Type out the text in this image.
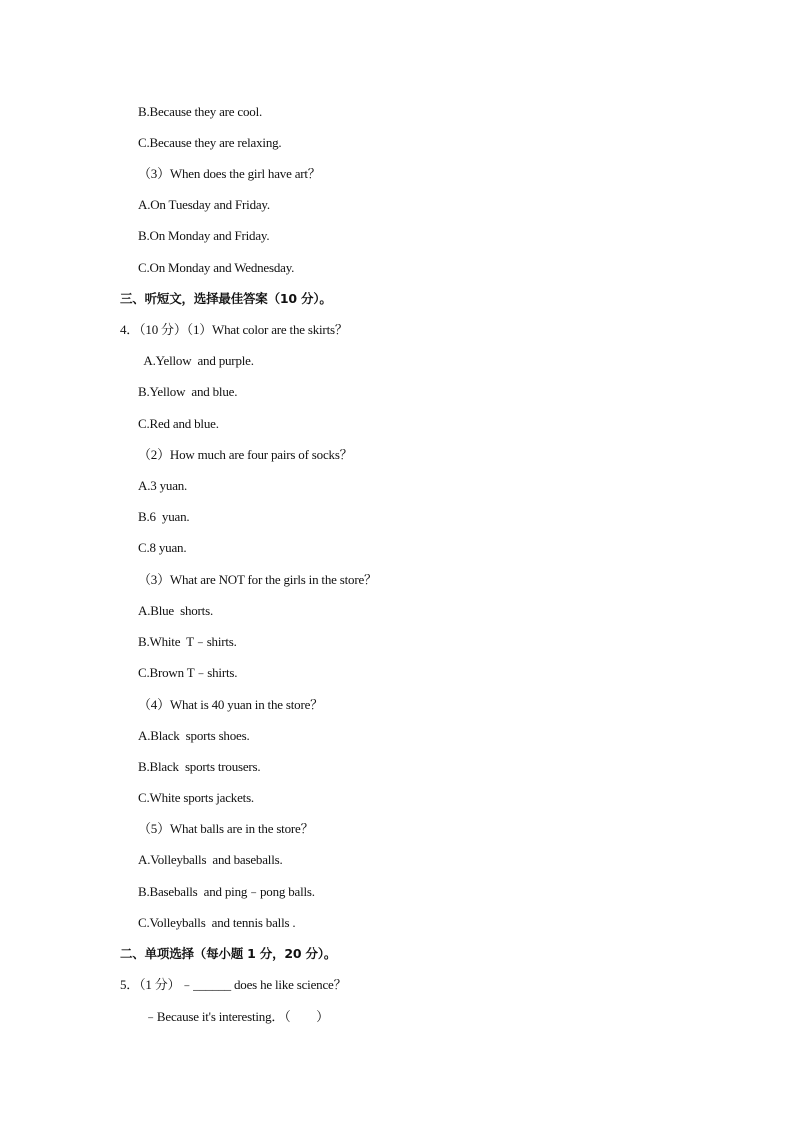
B.Because they are cool.
C.Because they are relaxing.
（3）When does the girl have art？
A.On Tuesday and Friday.
B.On Monday and Friday.
C.On Monday and Wednesday.
三、听短文，选择最佳答案（10 分）。
4．（10 分）（1）What color are the skirts？
A.Yellow  and purple.
B.Yellow  and blue.
C.Red and blue.
（2）How much are four pairs of socks？
A.3 yuan.
B.6  yuan.
C.8 yuan.
（3）What are NOT for the girls in the store？
A.Blue  shorts.
B.White  T﹣shirts.
C.Brown T﹣shirts.
（4）What is 40 yuan in the store？
A.Black  sports shoes.
B.Black  sports trousers.
C.White sports jackets.
（5）What balls are in the store？
A.Volleyballs  and baseballs.
B.Baseballs  and ping﹣pong balls.
C.Volleyballs  and tennis balls .
二、单项选择（每小题 1 分，20 分）。
5．（1 分）﹣______ does he like science？
﹣Because it's interesting．（　　）
